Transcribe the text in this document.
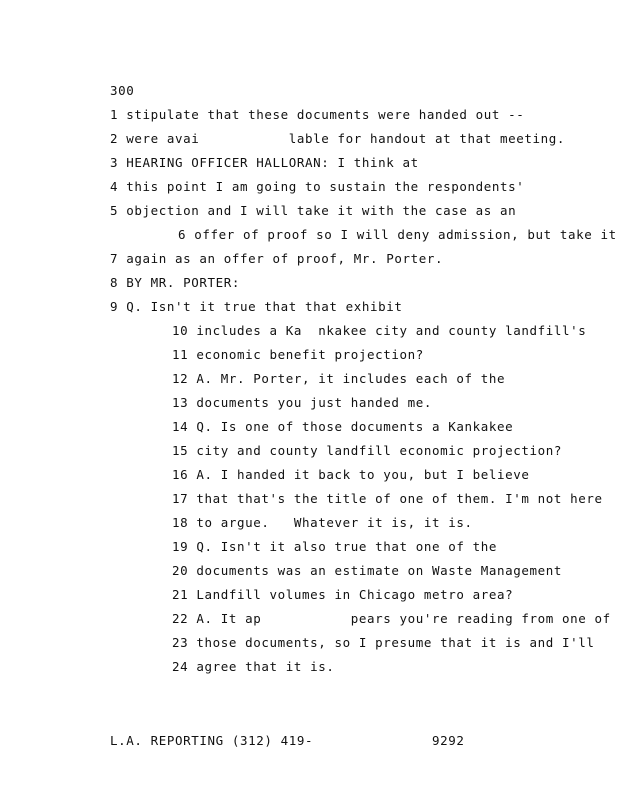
300
1 stipulate that these documents were handed out --
2 were avai           lable for handout at that meeting.
3 HEARING OFFICER HALLORAN: I think at
4 this point I am going to sustain the respondents'
5 objection and I will take it with the case as an
6 offer of proof so I will deny admission, but take it
7 again as an offer of proof, Mr. Porter.
8 BY MR. PORTER:
9 Q. Isn't it true that that exhibit
10 includes a Ka  nkakee city and county landfill's
11 economic benefit projection?
12 A. Mr. Porter, it includes each of the
13 documents you just handed me.
14 Q. Is one of those documents a Kankakee
15 city and county landfill economic projection?
16 A. I handed it back to you, but I believe
17 that that's the title of one of them. I'm not here
18 to argue.   Whatever it is, it is.
19 Q. Isn't it also true that one of the
20 documents was an estimate on Waste Management
21 Landfill volumes in Chicago metro area?
22 A. It ap           pears you're reading from one of
23 those documents, so I presume that it is and I'll
24 agree that it is.
L.A. REPORTING (312) 419-	9292
